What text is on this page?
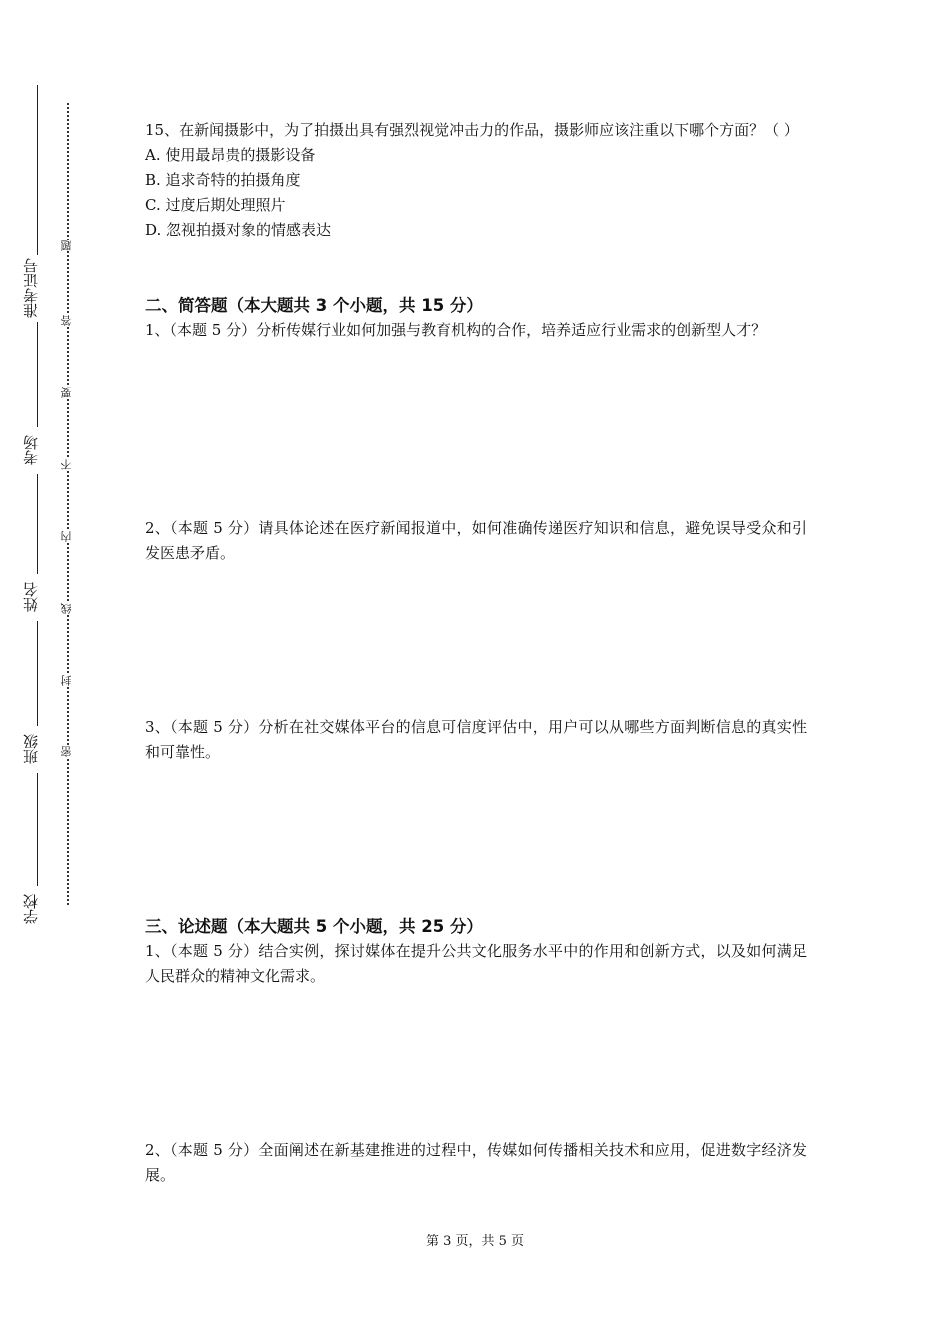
准考证号
考场
姓名
班级
学校
题
答
要
不
内
线
封
密

15、在新闻摄影中，为了拍摄出具有强烈视觉冲击力的作品，摄影师应该注重以下哪个方面？（ ）

A. 使用最昂贵的摄影设备

B. 追求奇特的拍摄角度

C. 过度后期处理照片

D. 忽视拍摄对象的情感表达

二、简答题（本大题共 3 个小题，共 15 分）

1、（本题 5 分）分析传媒行业如何加强与教育机构的合作，培养适应行业需求的创新型人才？

2、（本题 5 分）请具体论述在医疗新闻报道中，如何准确传递医疗知识和信息，避免误导受众和引发医患矛盾。

3、（本题 5 分）分析在社交媒体平台的信息可信度评估中，用户可以从哪些方面判断信息的真实性和可靠性。

三、论述题（本大题共 5 个小题，共 25 分）

1、（本题 5 分）结合实例，探讨媒体在提升公共文化服务水平中的作用和创新方式，以及如何满足人民群众的精神文化需求。

2、（本题 5 分）全面阐述在新基建推进的过程中，传媒如何传播相关技术和应用，促进数字经济发展。

第 3 页，共 5 页
